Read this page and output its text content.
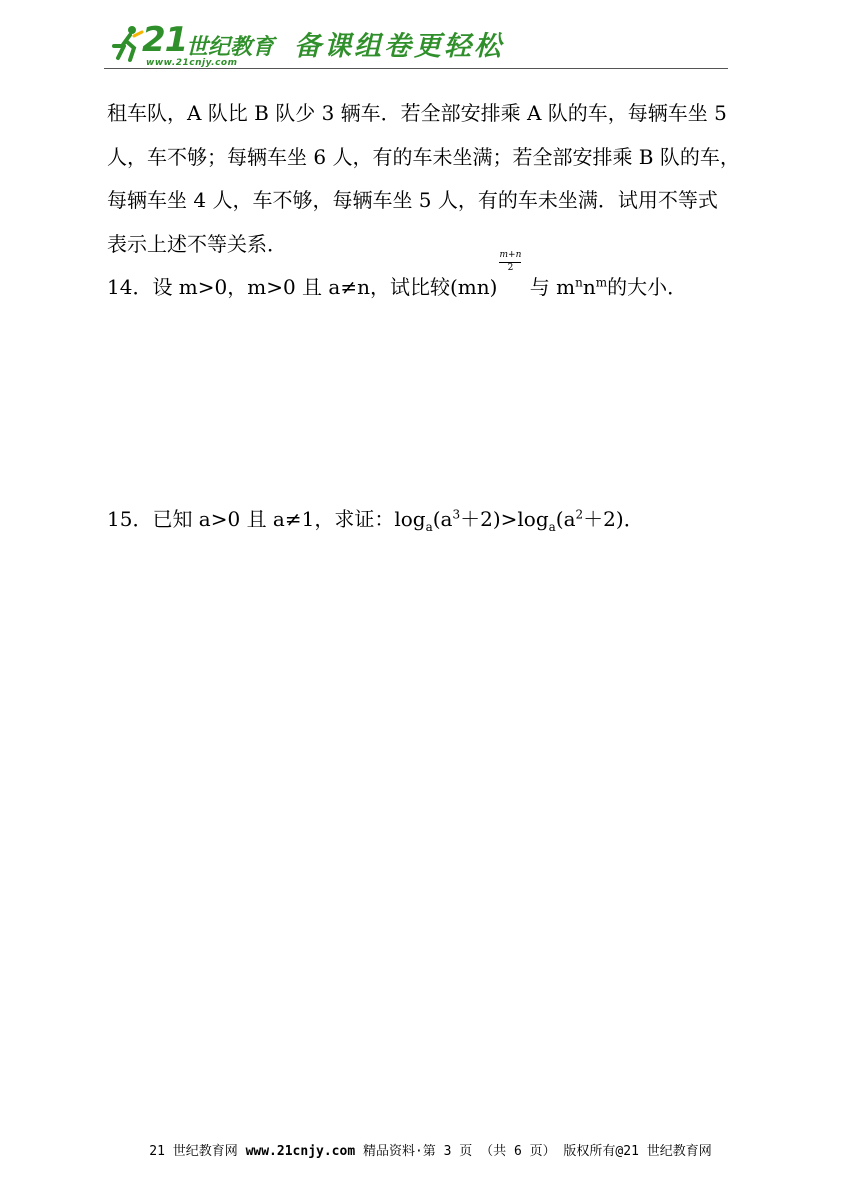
21
世纪教育
www.21cnjy.com
备课组卷更轻松

租车队，A 队比 B 队少 3 辆车．若全部安排乘 A 队的车，每辆车坐 5

人，车不够；每辆车坐 6 人，有的车未坐满；若全部安排乘 B 队的车，

每辆车坐 4 人，车不够，每辆车坐 5 人，有的车未坐满．试用不等式

表示上述不等关系．

14．设 m>0，m>0 且 a≠n，试比较$(mn) \frac{m+n}{2}$ 与 $m^nn^m$的大小．

15．已知 a>0 且 a≠1，求证：$\log_a(a^3+2)>\log_a(a^2+2)$．

21 世纪教育网 www.21cnjy.com 精品资料·第 3 页 （共 6 页） 版权所有@21 世纪教育网
